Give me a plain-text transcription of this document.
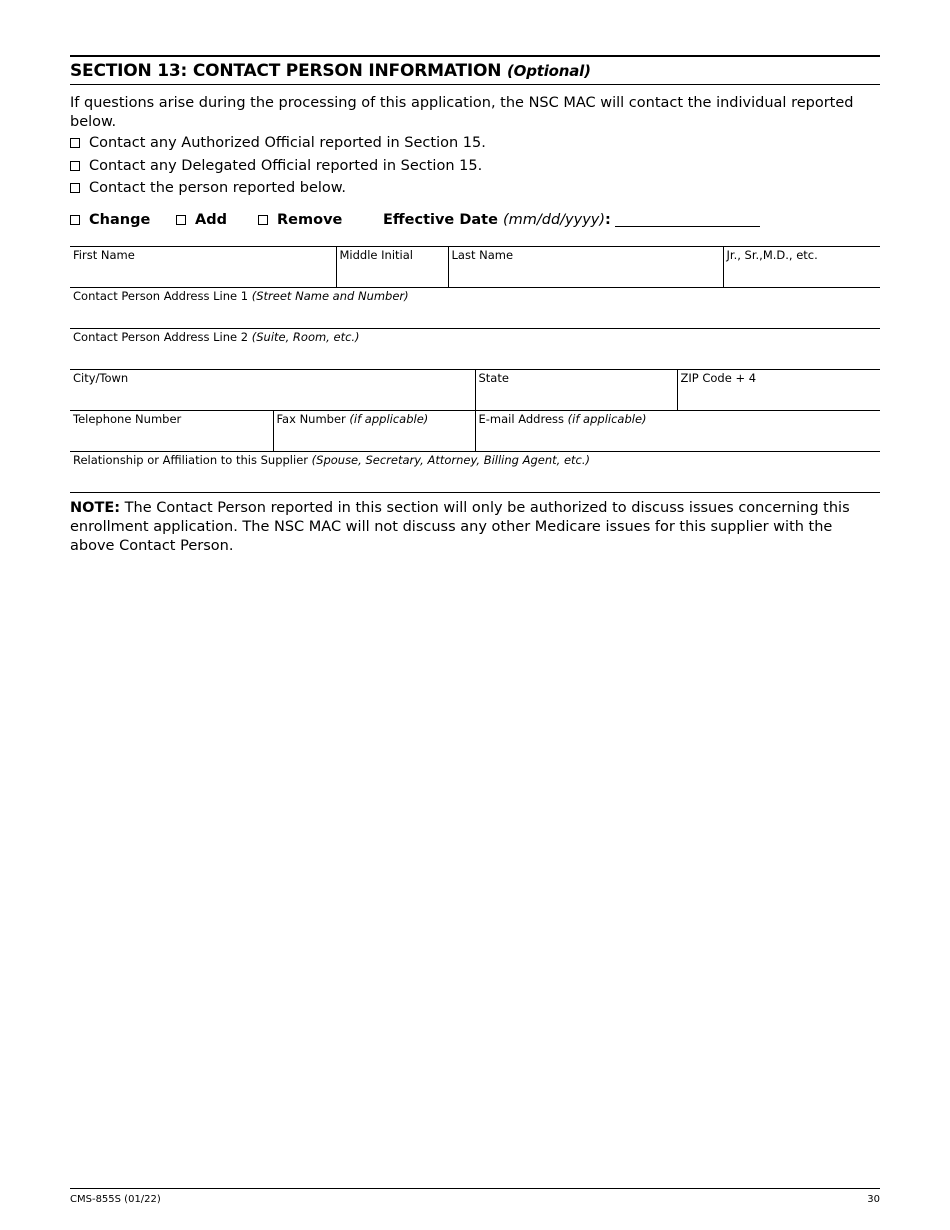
SECTION 13: CONTACT PERSON INFORMATION (Optional)
If questions arise during the processing of this application, the NSC MAC will contact the individual reported below.
Contact any Authorized Official reported in Section 15.
Contact any Delegated Official reported in Section 15.
Contact the person reported below.
Change	Add	Remove	Effective Date (mm/dd/yyyy):
First Name	Middle Initial	Last Name	Jr., Sr.,M.D., etc.
Contact Person Address Line 1 (Street Name and Number)
Contact Person Address Line 2 (Suite, Room, etc.)
City/Town		State	ZIP Code + 4
Telephone Number	Fax Number (if applicable)	E-mail Address (if applicable)	
Relationship or Affiliation to this Supplier (Spouse, Secretary, Attorney, Billing Agent, etc.)			
NOTE: The Contact Person reported in this section will only be authorized to discuss issues concerning this enrollment application. The NSC MAC will not discuss any other Medicare issues for this supplier with the above Contact Person.
CMS-855S (01/22)	30
